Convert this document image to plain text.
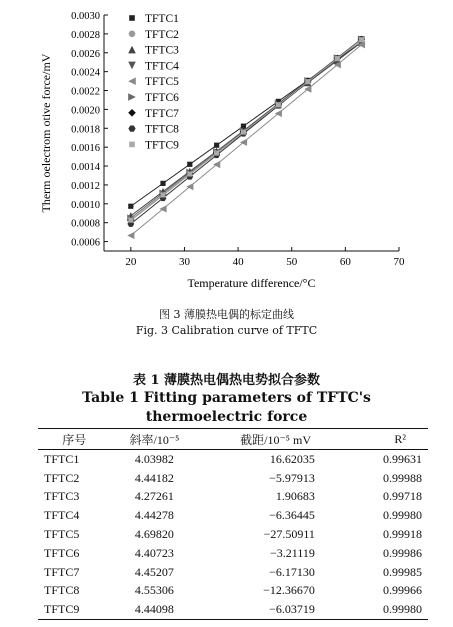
20	30	40	50	60	70
0.0006
0.0008
0.0010
0.0012
0.0014
0.0016
0.0018
0.0020
0.0022
0.0024
0.0026
0.0028
0.0030
Temperature difference/°C
Therm oelectrom otive force/mV
TFTC1
TFTC2
TFTC3
TFTC4
TFTC5
TFTC6
TFTC7
TFTC8
TFTC9
图 3 薄膜热电偶的标定曲线
Fig. 3 Calibration curve of TFTC
表 1 薄膜热电偶热电势拟合参数
Table 1 Fitting parameters of TFTC's
thermoelectric force
序号	斜率/10⁻⁵	截距/10⁻⁵ mV	R²
TFTC1	4.03982	16.62035	0.99631
TFTC2	4.44182	−5.97913	0.99988
TFTC3	4.27261	1.90683	0.99718
TFTC4	4.44278	−6.36445	0.99980
TFTC5	4.69820	−27.50911	0.99918
TFTC6	4.40723	−3.21119	0.99986
TFTC7	4.45207	−6.17130	0.99985
TFTC8	4.55306	−12.36670	0.99966
TFTC9	4.44098	−6.03719	0.99980
